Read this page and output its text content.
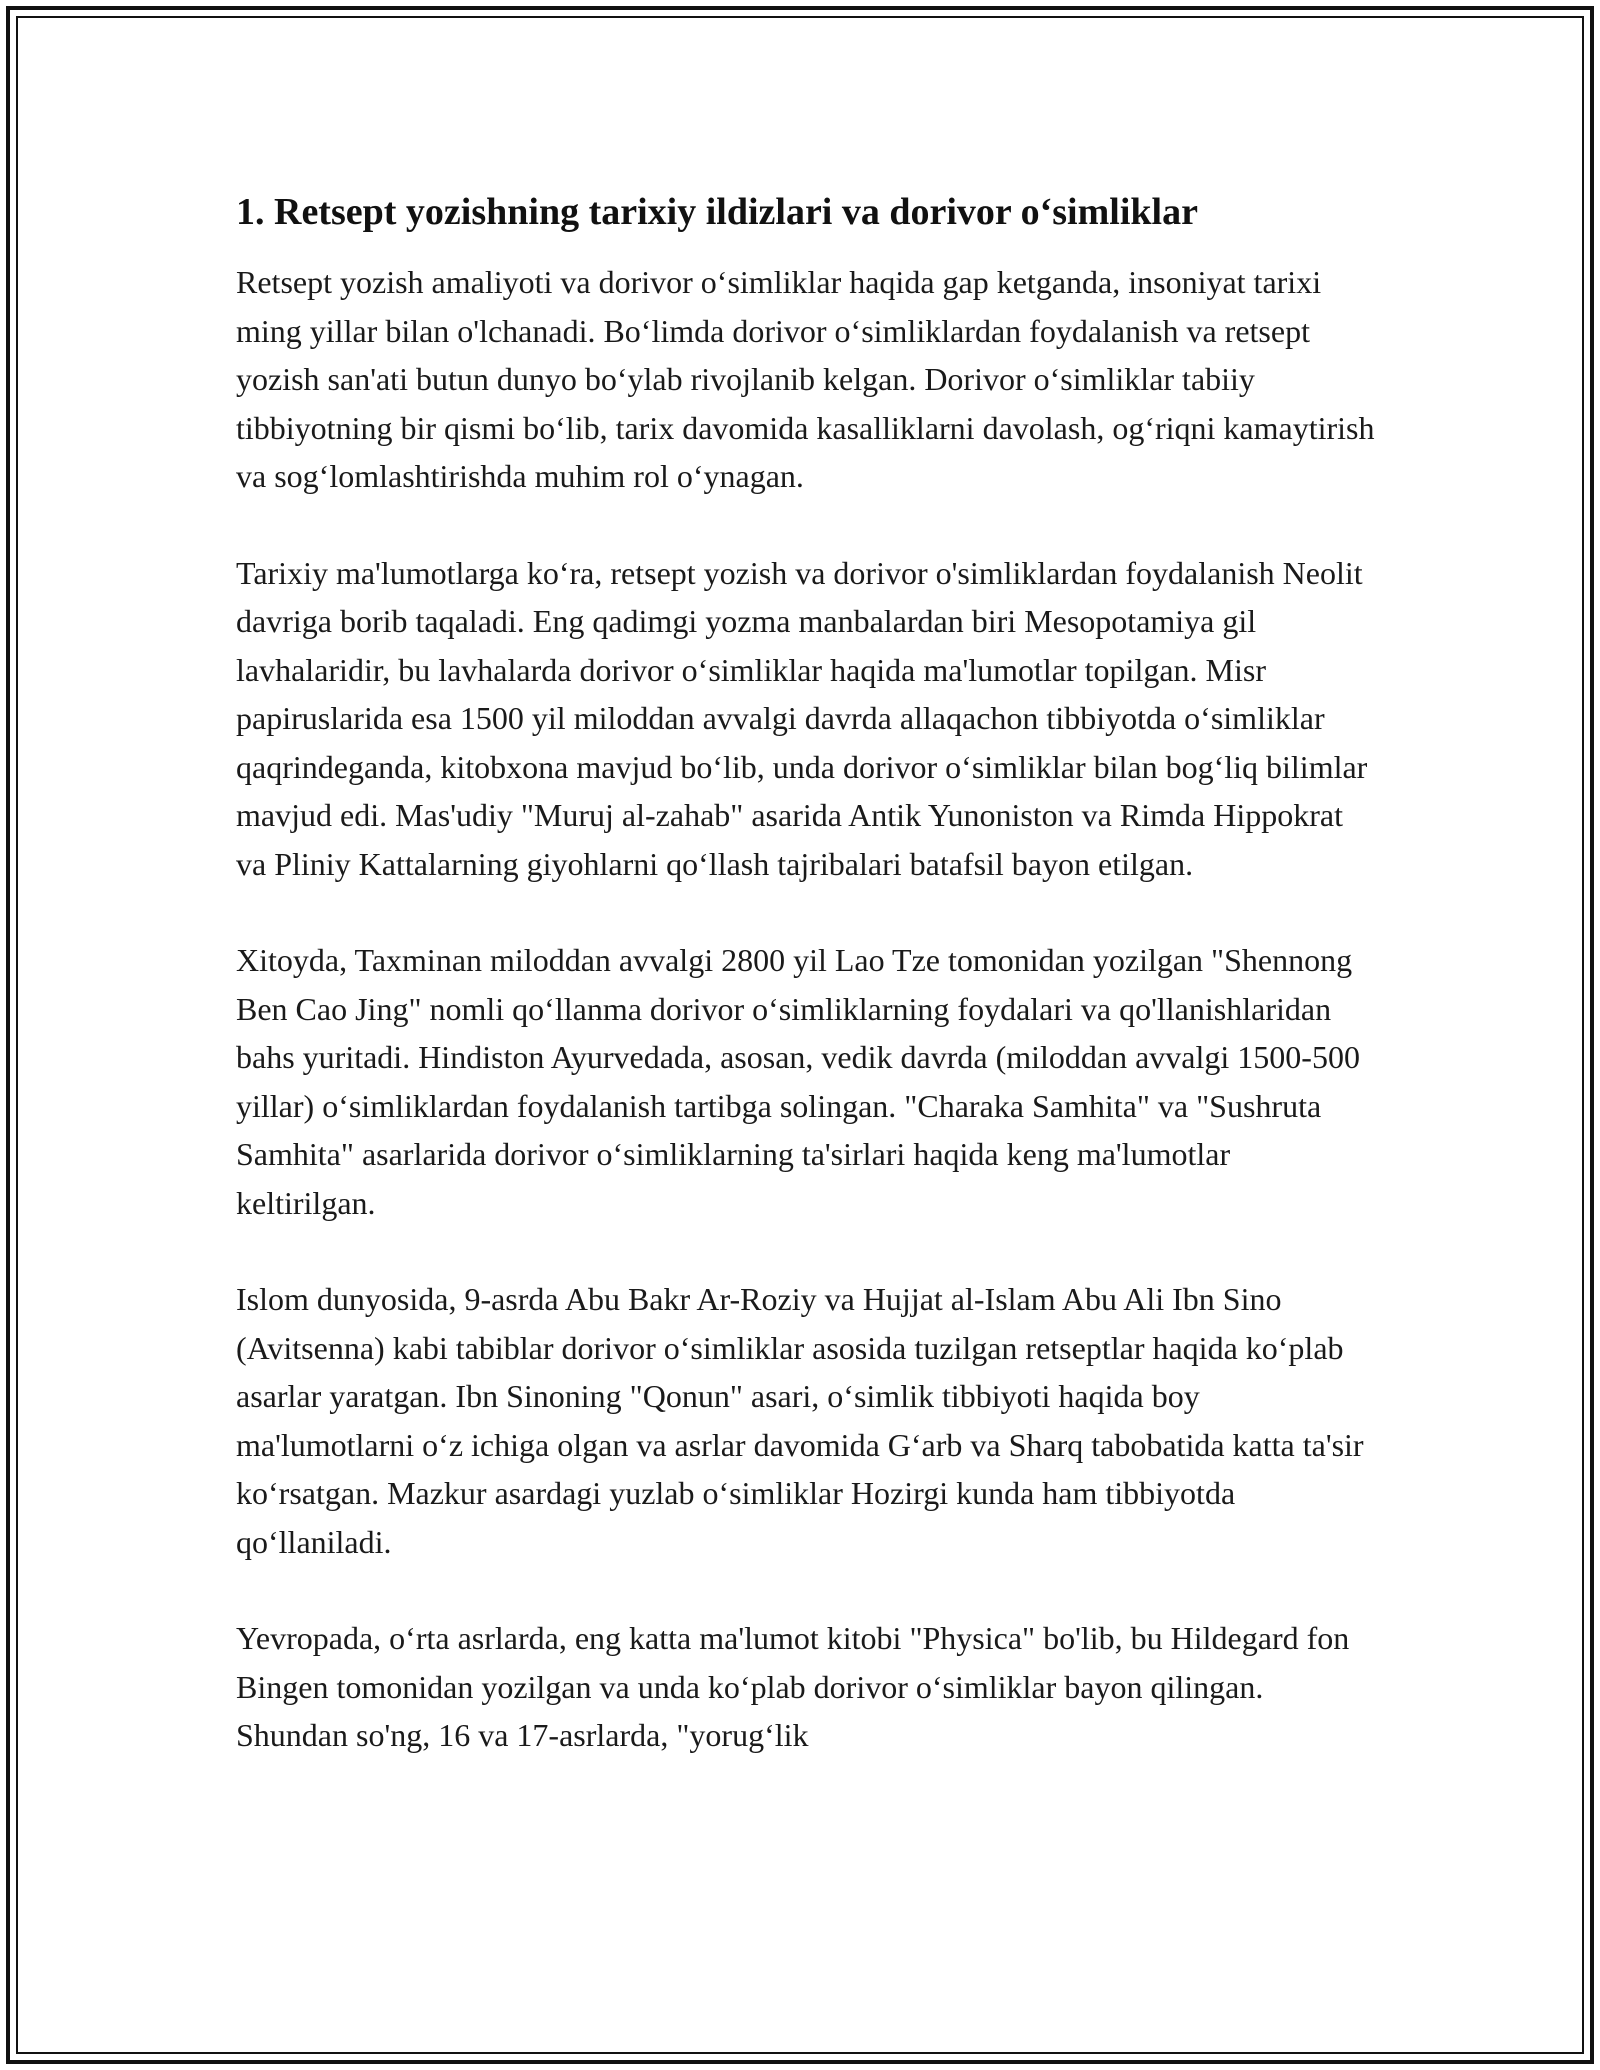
1. Retsept yozishning tarixiy ildizlari va dorivor o‘simliklar

Retsept yozish amaliyoti va dorivor o‘simliklar haqida gap ketganda, insoniyat tarixi ming yillar bilan o'lchanadi. Bo‘limda dorivor o‘simliklardan foydalanish va retsept yozish san'ati butun dunyo bo‘ylab rivojlanib kelgan. Dorivor o‘simliklar tabiiy tibbiyotning bir qismi bo‘lib, tarix davomida kasalliklarni davolash, og‘riqni kamaytirish va sog‘lomlashtirishda muhim rol o‘ynagan.

Tarixiy ma'lumotlarga ko‘ra, retsept yozish va dorivor o'simliklardan foydalanish Neolit davriga borib taqaladi. Eng qadimgi yozma manbalardan biri Mesopotamiya gil lavhalaridir, bu lavhalarda dorivor o‘simliklar haqida ma'lumotlar topilgan. Misr papiruslarida esa 1500 yil miloddan avvalgi davrda allaqachon tibbiyotda o‘simliklar qaqrindeganda, kitobxona mavjud bo‘lib, unda dorivor o‘simliklar bilan bog‘liq bilimlar mavjud edi. Mas'udiy "Muruj al-zahab" asarida Antik Yunoniston va Rimda Hippokrat va Pliniy Kattalarning giyohlarni qo‘llash tajribalari batafsil bayon etilgan.

Xitoyda, Taxminan miloddan avvalgi 2800 yil Lao Tze tomonidan yozilgan "Shennong Ben Cao Jing" nomli qo‘llanma dorivor o‘simliklarning foydalari va qo'llanishlaridan bahs yuritadi. Hindiston Ayurvedada, asosan, vedik davrda (miloddan avvalgi 1500-500 yillar) o‘simliklardan foydalanish tartibga solingan. "Charaka Samhita" va "Sushruta Samhita" asarlarida dorivor o‘simliklarning ta'sirlari haqida keng ma'lumotlar keltirilgan.

Islom dunyosida, 9-asrda Abu Bakr Ar-Roziy va Hujjat al-Islam Abu Ali Ibn Sino (Avitsenna) kabi tabiblar dorivor o‘simliklar asosida tuzilgan retseptlar haqida ko‘plab asarlar yaratgan. Ibn Sinoning "Qonun" asari, o‘simlik tibbiyoti haqida boy ma'lumotlarni o‘z ichiga olgan va asrlar davomida G‘arb va Sharq tabobatida katta ta'sir ko‘rsatgan. Mazkur asardagi yuzlab o‘simliklar Hozirgi kunda ham tibbiyotda qo‘llaniladi.

Yevropada, o‘rta asrlarda, eng katta ma'lumot kitobi "Physica" bo'lib, bu Hildegard fon Bingen tomonidan yozilgan va unda ko‘plab dorivor o‘simliklar bayon qilingan. Shundan so'ng, 16 va 17-asrlarda, "yorug‘lik
